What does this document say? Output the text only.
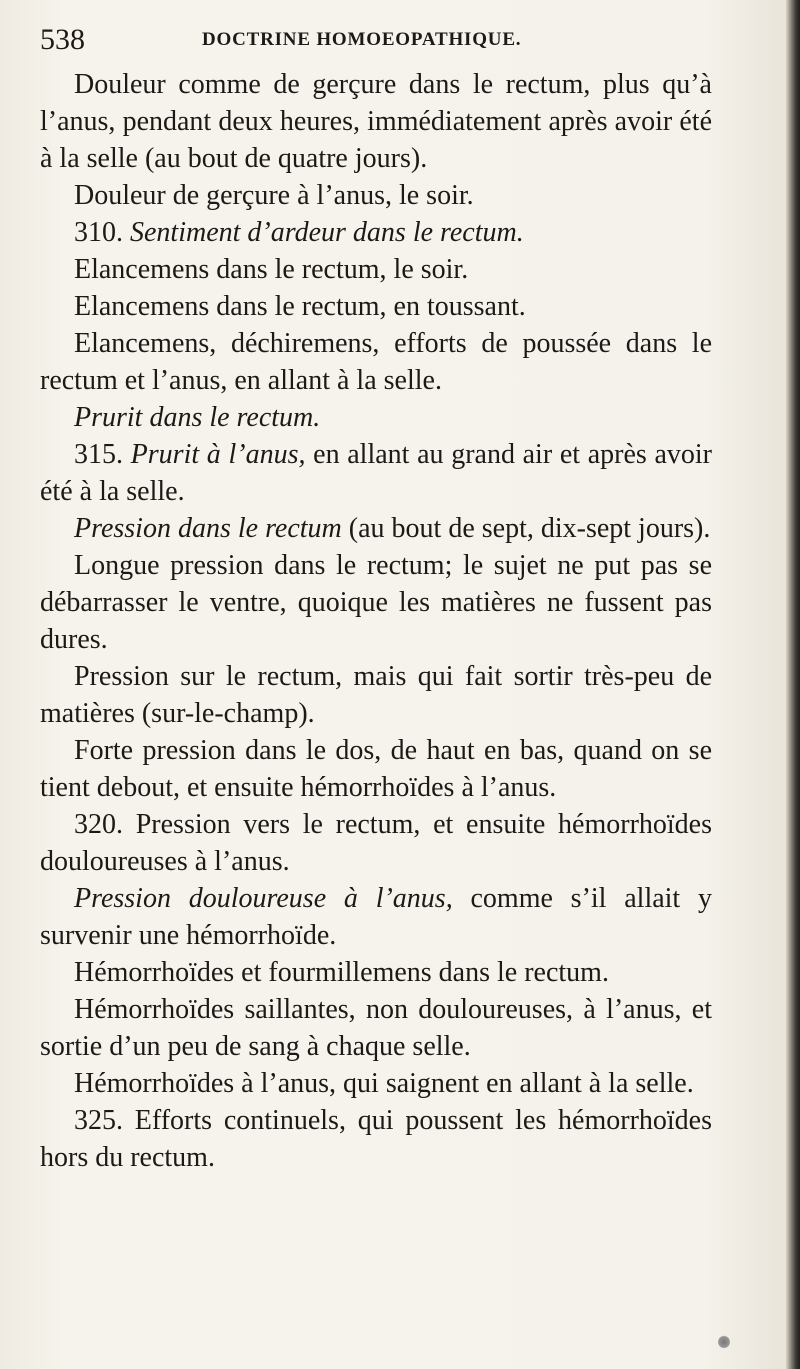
538	DOCTRINE HOMOEOPATHIQUE.

Douleur comme de gerçure dans le rectum, plus qu’à l’anus, pendant deux heures, immédiatement après avoir été à la selle (au bout de quatre jours).

Douleur de gerçure à l’anus, le soir.

310. Sentiment d’ardeur dans le rectum.

Elancemens dans le rectum, le soir.

Elancemens dans le rectum, en toussant.

Elancemens, déchiremens, efforts de poussée dans le rectum et l’anus, en allant à la selle.

Prurit dans le rectum.

315. Prurit à l’anus, en allant au grand air et après avoir été à la selle.

Pression dans le rectum (au bout de sept, dix-sept jours).

Longue pression dans le rectum; le sujet ne put pas se débarrasser le ventre, quoique les matières ne fussent pas dures.

Pression sur le rectum, mais qui fait sortir très-peu de matières (sur-le-champ).

Forte pression dans le dos, de haut en bas, quand on se tient debout, et ensuite hémorrhoïdes à l’anus.

320. Pression vers le rectum, et ensuite hémorrhoïdes douloureuses à l’anus.

Pression douloureuse à l’anus, comme s’il allait y survenir une hémorrhoïde.

Hémorrhoïdes et fourmillemens dans le rectum.

Hémorrhoïdes saillantes, non douloureuses, à l’anus, et sortie d’un peu de sang à chaque selle.

Hémorrhoïdes à l’anus, qui saignent en allant à la selle.

325. Efforts continuels, qui poussent les hémorrhoïdes hors du rectum.
